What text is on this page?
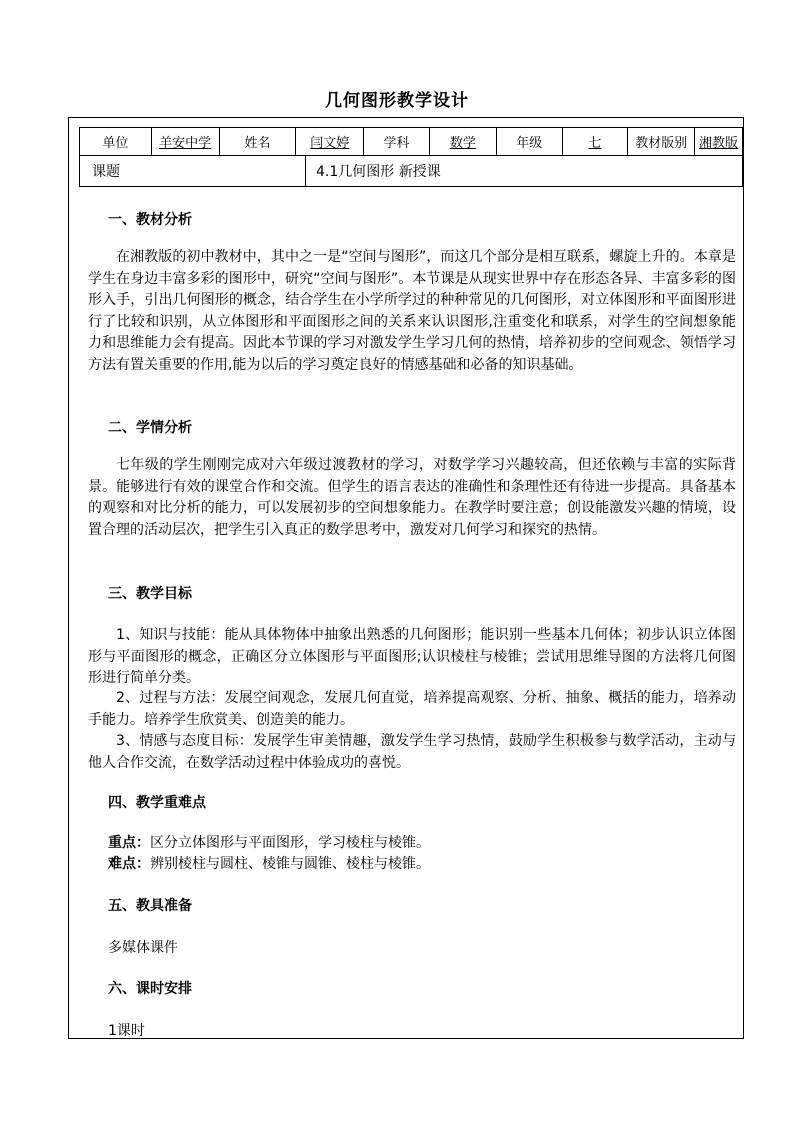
几何图形教学设计
单位	羊安中学	姓名	闫文婷	学科	数学	年级	七	教材版别 湘教版
课题	4.1几何图形 新授课
一、教材分析
在湘教版的初中教材中，其中之一是“空间与图形”，而这几个部分是相互联系，螺旋上升的。本章是学生在身边丰富多彩的图形中，研究“空间与图形”。本节课是从现实世界中存在形态各异、丰富多彩的图形入手，引出几何图形的概念，结合学生在小学所学过的种种常见的几何图形，对立体图形和平面图形进行了比较和识别，从立体图形和平面图形之间的关系来认识图形,注重变化和联系，对学生的空间想象能力和思维能力会有提高。因此本节课的学习对激发学生学习几何的热情，培养初步的空间观念、领悟学习方法有置关重要的作用,能为以后的学习奠定良好的情感基础和必备的知识基础。
二、学情分析
七年级的学生刚刚完成对六年级过渡教材的学习，对数学学习兴趣较高，但还依赖与丰富的实际背景。能够进行有效的课堂合作和交流。但学生的语言表达的准确性和条理性还有待进一步提高。具备基本的观察和对比分析的能力，可以发展初步的空间想象能力。在教学时要注意；创设能激发兴趣的情境，设置合理的活动层次，把学生引入真正的数学思考中，激发对几何学习和探究的热情。
三、教学目标
1、知识与技能：能从具体物体中抽象出熟悉的几何图形；能识别一些基本几何体；初步认识立体图形与平面图形的概念，正确区分立体图形与平面图形;认识棱柱与棱锥；尝试用思维导图的方法将几何图形进行简单分类。
2、过程与方法：发展空间观念，发展几何直觉，培养提高观察、分析、抽象、概括的能力，培养动手能力。培养学生欣赏美、创造美的能力。
3、情感与态度目标：发展学生审美情趣，激发学生学习热情，鼓励学生积极参与数学活动，主动与他人合作交流，在数学活动过程中体验成功的喜悦。
四、教学重难点
重点：区分立体图形与平面图形，学习棱柱与棱锥。
难点：辨别棱柱与圆柱、棱锥与圆锥、棱柱与棱锥。
五、教具准备
多媒体课件
六、课时安排
1课时
